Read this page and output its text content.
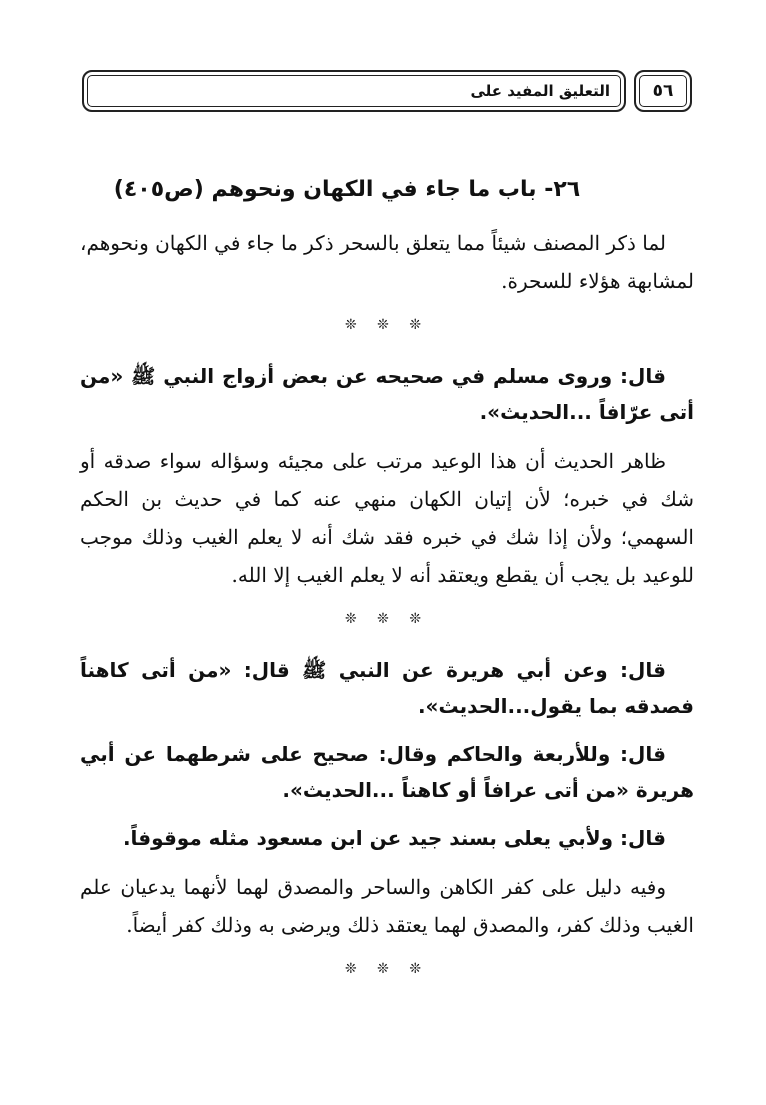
التعليق المفيد على	٥٦
٢٦- باب ما جاء في الكهان ونحوهم (ص٤٠٥)

لما ذكر المصنف شيئاً مما يتعلق بالسحر ذكر ما جاء في الكهان ونحوهم، لمشابهة هؤلاء للسحرة.

❊ ❊ ❊

قال: وروى مسلم في صحيحه عن بعض أزواج النبي ﷺ «من أتى عرّافاً ...الحديث».

ظاهر الحديث أن هذا الوعيد مرتب على مجيئه وسؤاله سواء صدقه أو شك في خبره؛ لأن إتيان الكهان منهي عنه كما في حديث بن الحكم السهمي؛ ولأن إذا شك في خبره فقد شك أنه لا يعلم الغيب وذلك موجب للوعيد بل يجب أن يقطع ويعتقد أنه لا يعلم الغيب إلا الله.

❊ ❊ ❊

قال: وعن أبي هريرة عن النبي ﷺ قال: «من أتى كاهناً فصدقه بما يقول...الحديث».

قال: وللأربعة والحاكم وقال: صحيح على شرطهما عن أبي هريرة «من أتى عرافاً أو كاهناً ...الحديث».

قال: ولأبي يعلى بسند جيد عن ابن مسعود مثله موقوفاً.

وفيه دليل على كفر الكاهن والساحر والمصدق لهما لأنهما يدعيان علم الغيب وذلك كفر، والمصدق لهما يعتقد ذلك ويرضى به وذلك كفر أيضاً.

❊ ❊ ❊
